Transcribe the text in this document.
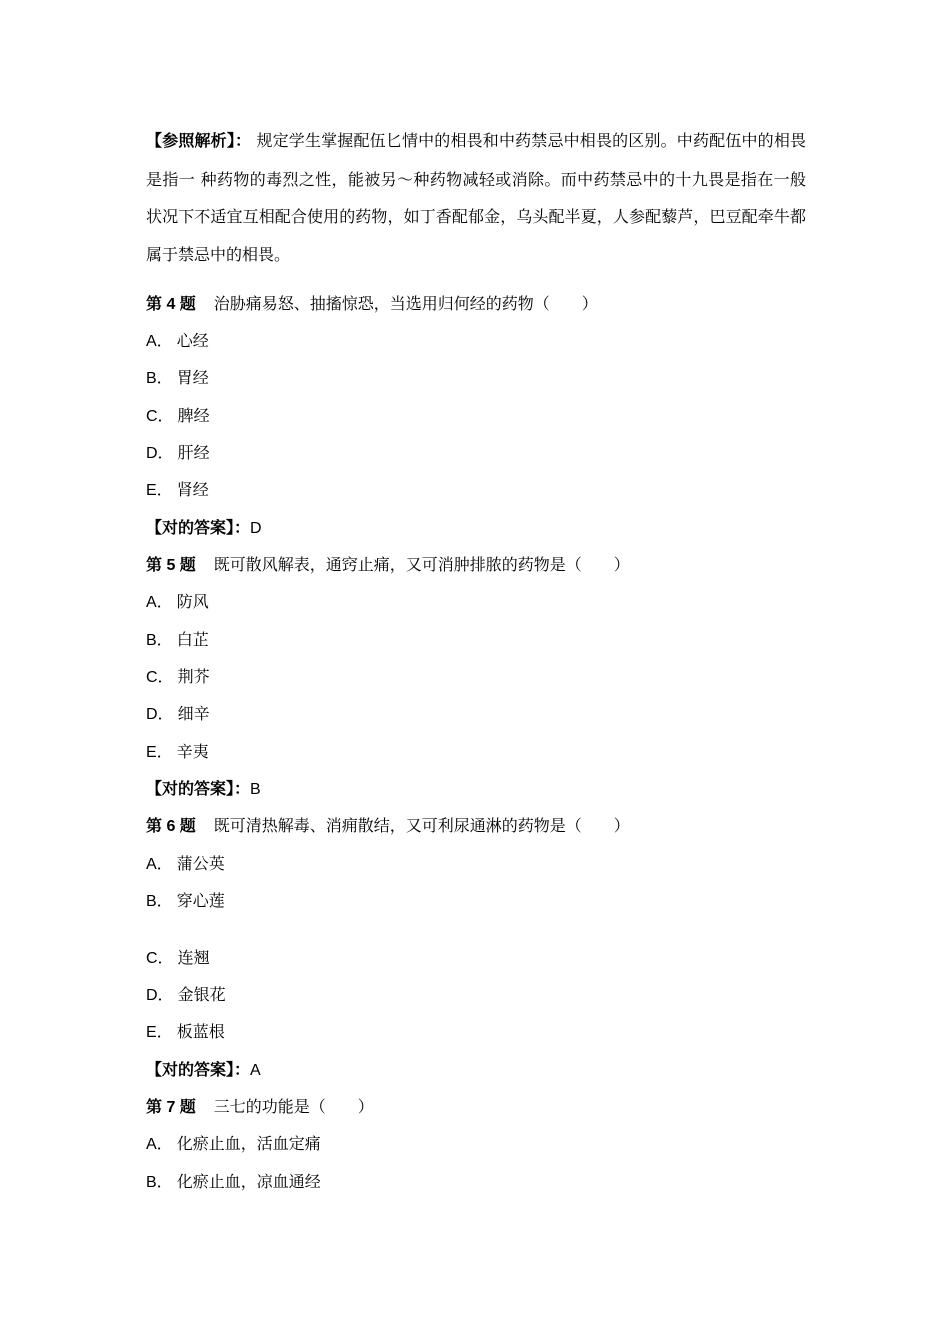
【参照解析】： 规定学生掌握配伍匕情中的相畏和中药禁忌中相畏的区别。中药配伍中的相畏是指一 种药物的毒烈之性，能被另～种药物减轻或消除。而中药禁忌中的十九畏是指在一般状况下不适宜互相配合使用的药物，如丁香配郁金，乌头配半夏，人参配藜芦，巴豆配牵牛都属于禁忌中的相畏。
第 4 题 治胁痛易怒、抽搐惊恐，当选用归何经的药物（　　）
A． 心经
B． 胃经
C． 脾经
D． 肝经
E． 肾经
【对的答案】：D
第 5 题 既可散风解表，通窍止痛，又可消肿排脓的药物是（　　）
A． 防风
B． 白芷
C． 荆芥
D． 细辛
E． 辛夷
【对的答案】：B
第 6 题 既可清热解毒、消痈散结，又可利尿通淋的药物是（　　）
A． 蒲公英
B． 穿心莲
C． 连翘
D． 金银花
E． 板蓝根
【对的答案】：A
第 7 题 三七的功能是（　　）
A． 化瘀止血，活血定痛
B． 化瘀止血，凉血通经
